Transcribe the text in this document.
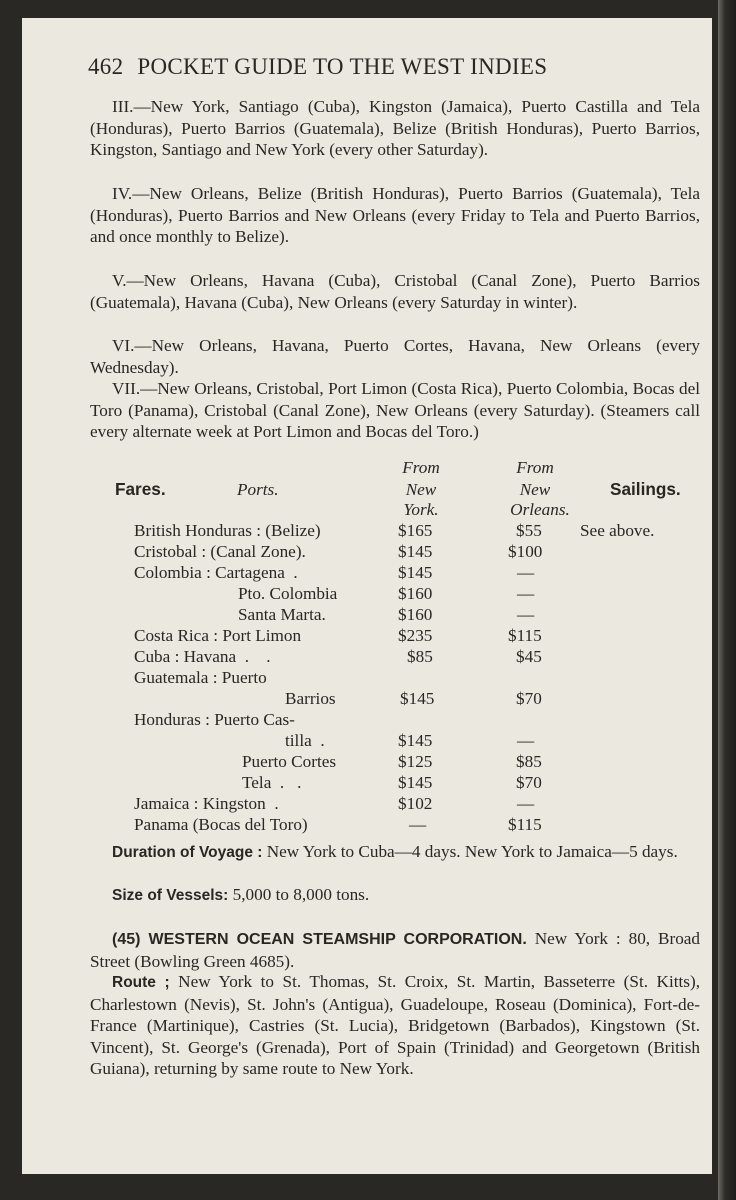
462 POCKET GUIDE TO THE WEST INDIES
III.—New York, Santiago (Cuba), Kingston (Jamaica), Puerto Castilla and Tela (Honduras), Puerto Barrios (Guatemala), Belize (British Honduras), Puerto Barrios, Kingston, Santiago and New York (every other Saturday).
IV.—New Orleans, Belize (British Honduras), Puerto Barrios (Guatemala), Tela (Honduras), Puerto Barrios and New Orleans (every Friday to Tela and Puerto Barrios, and once monthly to Belize).
V.—New Orleans, Havana (Cuba), Cristobal (Canal Zone), Puerto Barrios (Guatemala), Havana (Cuba), New Orleans (every Saturday in winter).
VI.—New Orleans, Havana, Puerto Cortes, Havana, New Orleans (every Wednesday).
VII.—New Orleans, Cristobal, Port Limon (Costa Rica), Puerto Colombia, Bocas del Toro (Panama), Cristobal (Canal Zone), New Orleans (every Saturday). (Steamers call every alternate week at Port Limon and Bocas del Toro.)
From	From
Fares.	Ports.	New	New	Sailings.
York.	Orleans.
British Honduras : (Belize)	$165	$55 See above.
Cristobal : (Canal Zone).	$145	$100
Colombia : Cartagena  .	$145	—
Pto. Colombia	$160	—
Santa Marta.	$160	—
Costa Rica : Port Limon	$235	$115
Cuba : Havana  .    .	$85	$45
Guatemala : Puerto
Barrios	$145	$70
Honduras : Puerto Cas-
tilla  .	$145	—
Puerto Cortes	$125	$85
Tela  .   .	$145	$70
Jamaica : Kingston  .	$102	—
Panama (Bocas del Toro)	—	$115
Duration of Voyage : New York to Cuba—4 days. New York to Jamaica—5 days.
Size of Vessels: 5,000 to 8,000 tons.
(45) WESTERN OCEAN STEAMSHIP CORPORATION. New York : 80, Broad Street (Bowling Green 4685).
Route ; New York to St. Thomas, St. Croix, St. Martin, Basseterre (St. Kitts), Charlestown (Nevis), St. John's (Antigua), Guadeloupe, Roseau (Dominica), Fort-de-France (Martinique), Castries (St. Lucia), Bridgetown (Barbados), Kingstown (St. Vincent), St. George's (Grenada), Port of Spain (Trinidad) and Georgetown (British Guiana), returning by same route to New York.
